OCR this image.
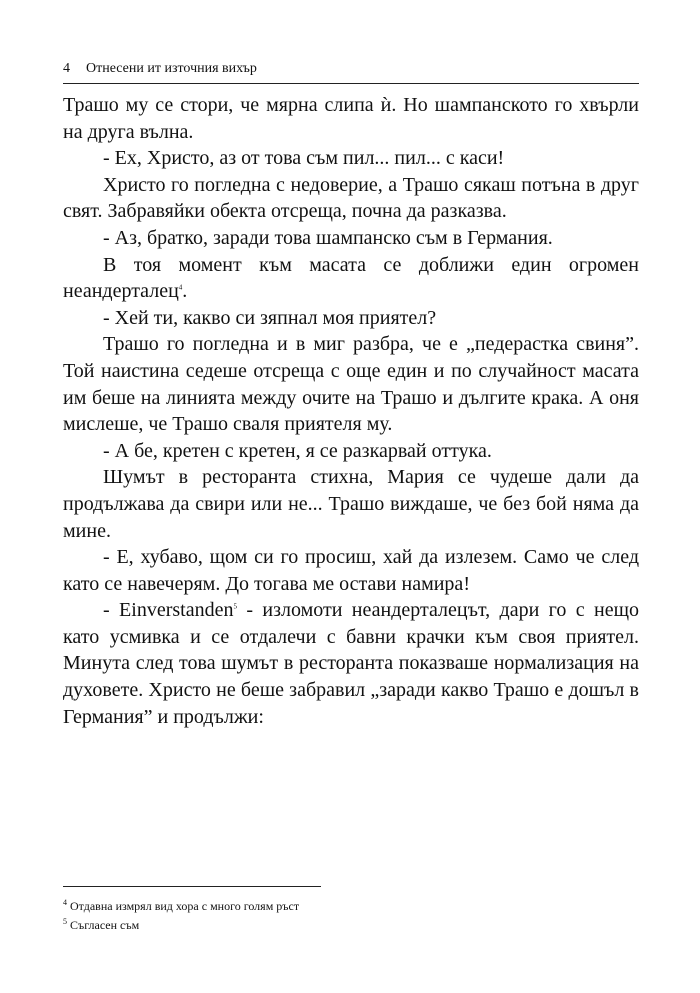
4 Отнесени ит източния вихър

Трашо му се стори, че мярна слипа ѝ. Но шампанското го хвърли на друга вълна.

- Ех, Христо, аз от това съм пил... пил... с каси!

Христо го погледна с недоверие, а Трашо сякаш потъна в друг свят. Забравяйки обекта отсреща, почна да разказва.

- Аз, братко, заради това шампанско съм в Германия.

В тоя момент към масата се доближи един огромен неандерталец$^4$.

- Хей ти, какво си зяпнал моя приятел?

Трашо го погледна и в миг разбра, че е „педерастка свиня”. Той наистина седеше отсреща с още един и по случайност масата им беше на линията между очите на Трашо и дългите крака. А оня мислеше, че Трашо сваля приятеля му.

- А бе, кретен с кретен, я се разкарвай оттука.

Шумът в ресторанта стихна, Мария се чудеше дали да продължава да свири или не... Трашо виждаше, че без бой няма да мине.

- Е, хубаво, щом си го просиш, хай да излезем. Само че след като се навечерям. До тогава ме остави намира!

- Einverstanden$^5$ - изломоти неандерталецът, дари го с нещо като усмивка и се отдалечи с бавни крачки към своя приятел. Минута след това шумът в ресторанта показваше нормализация на духовете. Христо не беше забравил „заради какво Трашо е дошъл в Германия” и продължи:

$^4$ Отдавна измрял вид хора с много голям ръст
$^5$ Съгласен съм
